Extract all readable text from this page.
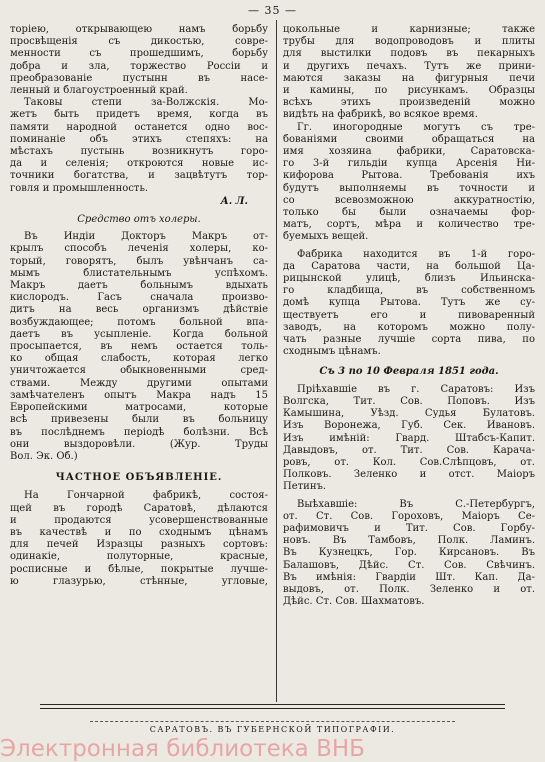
— 35 —
торiею, открывающею намъ борьбу
просвѣщенiя съ дикостью, совре-
менности съ прошедшимъ, борьбу
добра и зла, торжество Россiи и
преобразованiе пустынн въ насе-
ленный и благоустроенный край.
Таковы степи за-Волжскiя. Мо-
жетъ быть придетъ время, когда въ
памяти народной останется одно вос-
поминанiе объ этихъ степяхъ: на
мѣстахъ пустынь возникнутъ горо-
да и селенiя; откроются новые ис-
точники богатства, и зацвѣтутъ тор-
говля и промышленность.
А. Л.
Средство отъ холеры.
Въ Индiи Докторъ Макръ от-
крылъ способъ леченiя холеры, ко-
торый, говорятъ, былъ увѣнчанъ са-
мымъ блистательнымъ успѣхомъ.
Макръ даетъ больнымъ вдыхать
кислородъ. Гасъ сначала произво-
дитъ на весь организмъ дѣйствiе
возбуждающее; потомъ больной впа-
даетъ въ усыпленiе. Когда больной
просыпается, въ немъ остается толь-
ко общая слабость, которая легко
уничтожается обыкновенными сред-
ствами. Между другими опытами
замѣчателенъ опытъ Макра надъ 15
Европейскими матросами, которые
всѣ привезены были въ больницу
въ послѣднемъ перiодѣ болѣзни. Всѣ
они выздоровѣли. (Жур. Труды
Вол. Эк. Об.)
ЧАСТНОЕ ОБЪЯВЛЕНIЕ.
На Гончарной фабрикѣ, состоя-
щей въ городѣ Саратовѣ, дѣлаются
и продаются усовершенствованные
въ качествѣ и по сходнымъ цѣнамъ
для печей Изразцы разныхъ сортовъ:
одинакiе, полуторные, красные,
росписные и бѣлые, покрытые лучше-
ю глазурью, стѣнные, угловые,
цокольные и карнизные; также
трубы для водопроводовъ и плиты
для выстилки подовъ въ пекарныхъ
и другихъ печахъ. Тутъ же прини-
маются заказы на фигурныя печи
и камины, по рисункамъ. Образцы
всѣхъ этихъ произведенiй можно
видѣть на фабрикѣ, во всякое время.
Гг. иногородные могутъ съ тре-
бованiями своими обращаться на
имя хозяина фабрики, Саратовска-
го 3-й гильдiи купца Арсенiя Ни-
кифорова Рытова. Требованiя ихъ
будутъ выполняемы въ точности и
со всевозможною аккуратностiю,
только бы были означаемы фор-
матъ, сортъ, мѣра и количество тре-
буемыхъ вещей.
Фабрика находится въ 1-й горо-
да Саратова части, на большой Ца-
рицынской улицѣ, близъ Ильинска-
го кладбища, въ собственномъ
домѣ купца Рытова. Тутъ же су-
ществуетъ его и пивоваренный
заводъ, на которомъ можно полу-
чать разные лучшiе сорта пива, по
сходнымъ цѣнамъ.
Съ 3 по 10 Февраля 1851 года.
Прiѣхавшiе въ г. Саратовъ: Изъ
Волгска, Тит. Сов. Поповъ. Изъ
Камышина, Уѣзд. Судья Булатовъ.
Изъ Воронежа, Губ. Сек. Ивановъ.
Изъ имѣнiй: Гвард. Штабсъ-Капит.
Давыдовъ, от. Тит. Сов. Карача-
ровъ, от. Кол. Сов.Слѣпцовъ, от.
Полковъ. Зеленко и отст. Маiоръ
Петинъ.
Выѣхавшiе: Въ С.-Петербургъ,
от. Ст. Сов. Гороховъ, Маiоръ Се-
рафимовичъ и Тит. Сов. Горбу-
новъ. Въ Тамбовъ, Полк. Ламинъ.
Въ Кузнецкъ, Гор. Кирсановъ. Въ
Балашовъ, Дѣйс. Ст. Сов. Свѣчинъ.
Въ имѣнiя: Гвардiи Шт. Кап. Да-
выдовъ, от. Полк. Зеленко и от.
Дѣйс. Ст. Сов. Шахматовъ.
САРАТОВЪ. ВЪ ГУБЕРНСКОЙ ТИПОГРАФIИ.
Электронная библиотека ВНБ
